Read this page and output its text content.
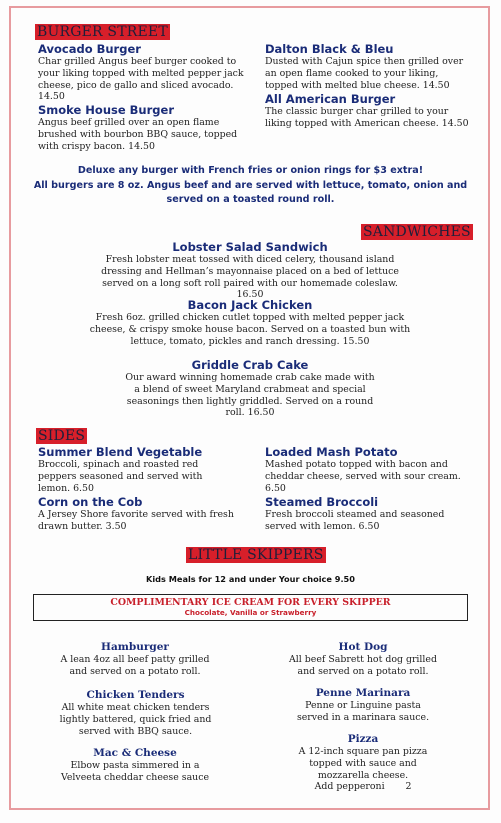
BURGER STREET

Avocado Burger

Char grilled Angus beef burger cooked to your liking topped with melted pepper jack cheese, pico de gallo and sliced avocado. 14.50

Smoke House Burger

Angus beef grilled over an open flame brushed with bourbon BBQ sauce, topped with crispy bacon. 14.50

Dalton Black & Bleu

Dusted with Cajun spice then grilled over an open flame cooked to your liking, topped with melted blue cheese. 14.50

All American Burger

The classic burger char grilled to your liking topped with American cheese. 14.50

Deluxe any burger with French fries or onion rings for $3 extra!

All burgers are 8 oz. Angus beef and are served with lettuce, tomato, onion and served on a toasted round roll.

SANDWICHES

Lobster Salad Sandwich

Fresh lobster meat tossed with diced celery, thousand island dressing and Hellman’s mayonnaise placed on a bed of lettuce served on a long soft roll paired with our homemade coleslaw. 16.50

Bacon Jack Chicken

Fresh 6oz. grilled chicken cutlet topped with melted pepper jack cheese, & crispy smoke house bacon. Served on a toasted bun with lettuce, tomato, pickles and ranch dressing. 15.50

Griddle Crab Cake

Our award winning homemade crab cake made with a blend of sweet Maryland crabmeat and special seasonings then lightly griddled. Served on a round roll. 16.50

SIDES

Summer Blend Vegetable

Broccoli, spinach and roasted red peppers seasoned and served with lemon. 6.50

Corn on the Cob

A Jersey Shore favorite served with fresh drawn butter. 3.50

Loaded Mash Potato

Mashed potato topped with bacon and cheddar cheese, served with sour cream. 6.50

Steamed Broccoli

Fresh broccoli steamed and seasoned served with lemon. 6.50

LITTLE SKIPPERS

Kids Meals for 12 and under Your choice 9.50

COMPLIMENTARY ICE CREAM FOR EVERY SKIPPER
Chocolate, Vanilla or Strawberry

Hamburger

A lean 4oz all beef patty grilled and served on a potato roll.

Chicken Tenders

All white meat chicken tenders lightly battered, quick fried and served with BBQ sauce.

Mac & Cheese

Elbow pasta simmered in a Velveeta cheddar cheese sauce

Hot Dog

All beef Sabrett hot dog grilled and served on a potato roll.

Penne Marinara

Penne or Linguine pasta served in a marinara sauce.

Pizza

A 12-inch square pan pizza topped with sauce and mozzarella cheese.

Add pepperoni 2
